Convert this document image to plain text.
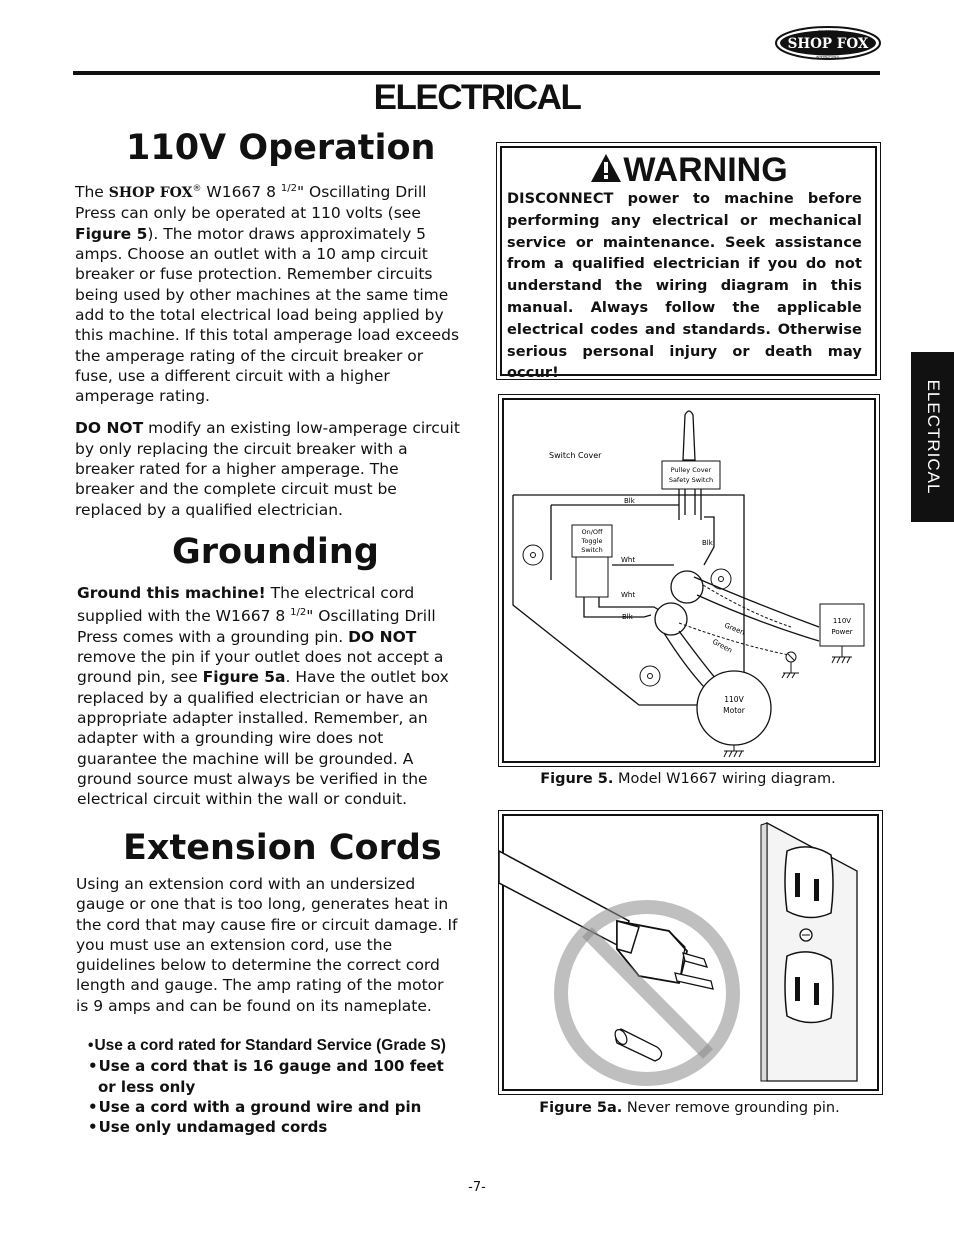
WOODSTOCK
SHOP FOX
INTERNATIONAL
ELECTRICAL
ELECTRICAL
110V Operation

The SHOP FOX® W1667 8 $^{1/2}$" Oscillating Drill Press can only be operated at 110 volts (see Figure 5). The motor draws approximately 5 amps. Choose an outlet with a 10 amp circuit breaker or fuse protection. Remember circuits being used by other machines at the same time add to the total electrical load being applied by this machine. If this total amperage load exceeds the amperage rating of the circuit breaker or fuse, use a different circuit with a higher amperage rating.

DO NOT modify an existing low-amperage circuit by only replacing the circuit breaker with a breaker rated for a higher amperage. The breaker and the complete circuit must be replaced by a qualified electrician.

Grounding

Ground this machine! The electrical cord supplied with the W1667 8 $^{1/2}$" Oscillating Drill Press comes with a grounding pin. DO NOT remove the pin if your outlet does not accept a ground pin, see Figure 5a. Have the outlet box replaced by a qualified electrician or have an appropriate adapter installed. Remember, an adapter with a grounding wire does not guarantee the machine will be grounded. A ground source must always be verified in the electrical circuit within the wall or conduit.

Extension Cords

Using an extension cord with an undersized gauge or one that is too long, generates heat in the cord that may cause fire or circuit damage. If you must use an extension cord, use the guidelines below to determine the correct cord length and gauge. The amp rating of the motor is 9 amps and can be found on its nameplate.

• Use a cord rated for Standard Service (Grade S)
• Use a cord that is 16 gauge and 100 feet or less only
• Use a cord with a ground wire and pin
• Use only undamaged cords
WARNING
DISCONNECT power to machine before performing any electrical or mechanical service or maintenance. Seek assistance from a qualified electrician if you do not understand the wiring diagram in this manual. Always follow the applicable electrical codes and standards. Otherwise serious personal injury or death may occur!
Switch Cover
Pulley Cover
Safety Switch
On/Off
Toggle
Switch
Blk
Blk
Wht
Wht
Blk
Green
Green
110V
Power
110V
Motor
Figure 5. Model W1667 wiring diagram.
Figure 5a. Never remove grounding pin.
-7-
